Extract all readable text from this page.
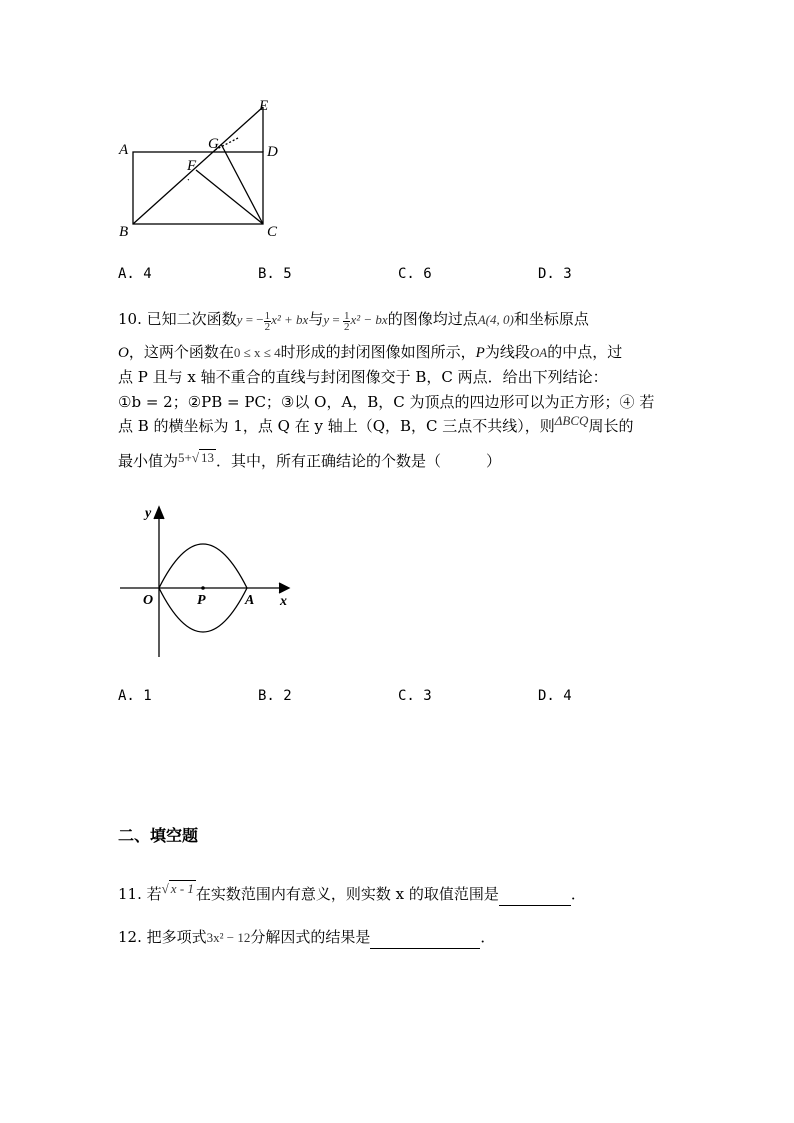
A
B	C
D
E
F
G
A. 4	B. 5	C. 6	D. 3
10. 已知二次函数y = − $\frac{1}{2} x^2$ + bx与$y = \frac{1}{2} x^2$ − bx的图像均过点A(4, 0)和坐标原点
O，这两个函数在0 ≤ x ≤ 4时形成的封闭图像如图所示，P为线段OA的中点，过
点 P 且与 x 轴不重合的直线与封闭图像交于 B，C 两点．给出下列结论：
①b = 2；②PB = PC；③以 O，A，B，C 为顶点的四边形可以为正方形；④ 若
点 B 的横坐标为 1，点 Q 在 y 轴上（Q，B，C 三点不共线），则ΔBCQ周长的
最小值为5+√ 13 ．其中，所有正确结论的个数是（　　　）
y
x
O	P	A
A. 1	B. 2	C. 3	D. 4
二、填空题
11. 若√ x - 1 在实数范围内有意义，则实数 x 的取值范围是	．
12. 把多项式3x² − 12分解因式的结果是	．
